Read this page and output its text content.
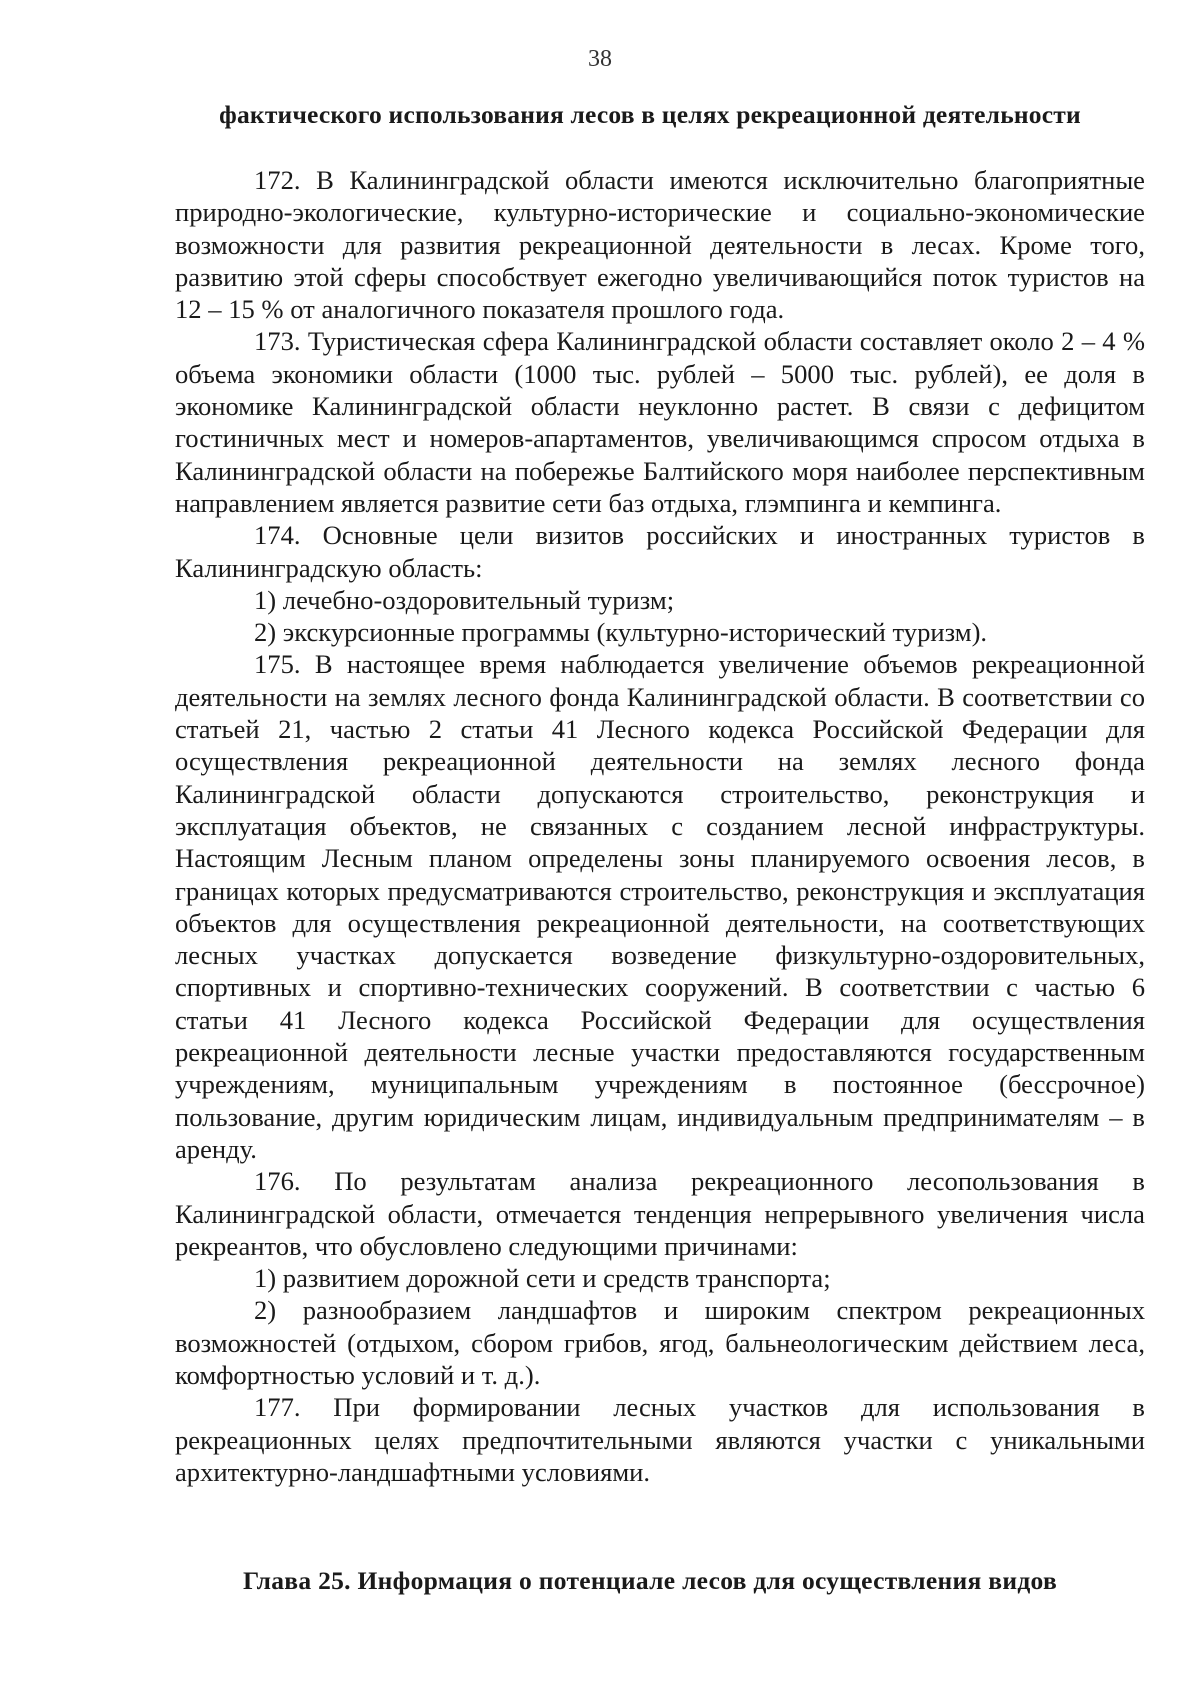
38
фактического использования лесов в целях рекреационной деятельности

172. В Калининградской области имеются исключительно благоприятные природно-экологические, культурно-исторические и социально-экономические возможности для развития рекреационной деятельности в лесах. Кроме того, развитию этой сферы способствует ежегодно увеличивающийся поток туристов на 12 – 15 % от аналогичного показателя прошлого года.

173. Туристическая сфера Калининградской области составляет около 2 – 4 % объема экономики области (1000 тыс. рублей – 5000 тыс. рублей), ее доля в экономике Калининградской области неуклонно растет. В связи с дефицитом гостиничных мест и номеров-апартаментов, увеличивающимся спросом отдыха в Калининградской области на побережье Балтийского моря наиболее перспективным направлением является развитие сети баз отдыха, глэмпинга и кемпинга.

174. Основные цели визитов российских и иностранных туристов в Калининградскую область:

1) лечебно-оздоровительный туризм;

2) экскурсионные программы (культурно-исторический туризм).

175. В настоящее время наблюдается увеличение объемов рекреационной деятельности на землях лесного фонда Калининградской области. В соответствии со статьей 21, частью 2 статьи 41 Лесного кодекса Российской Федерации для осуществления рекреационной деятельности на землях лесного фонда Калининградской области допускаются строительство, реконструкция и эксплуатация объектов, не связанных с созданием лесной инфраструктуры. Настоящим Лесным планом определены зоны планируемого освоения лесов, в границах которых предусматриваются строительство, реконструкция и эксплуатация объектов для осуществления рекреационной деятельности, на соответствующих лесных участках допускается возведение физкультурно-оздоровительных, спортивных и спортивно-технических сооружений. В соответствии с частью 6 статьи 41 Лесного кодекса Российской Федерации для осуществления рекреационной деятельности лесные участки предоставляются государственным учреждениям, муниципальным учреждениям в постоянное (бессрочное) пользование, другим юридическим лицам, индивидуальным предпринимателям – в аренду.

176. По результатам анализа рекреационного лесопользования в Калининградской области, отмечается тенденция непрерывного увеличения числа рекреантов, что обусловлено следующими причинами:

1) развитием дорожной сети и средств транспорта;

2) разнообразием ландшафтов и широким спектром рекреационных возможностей (отдыхом, сбором грибов, ягод, бальнеологическим действием леса, комфортностью условий и т. д.).

177. При формировании лесных участков для использования в рекреационных целях предпочтительными являются участки с уникальными архитектурно-ландшафтными условиями.

Глава 25. Информация о потенциале лесов для осуществления видов
